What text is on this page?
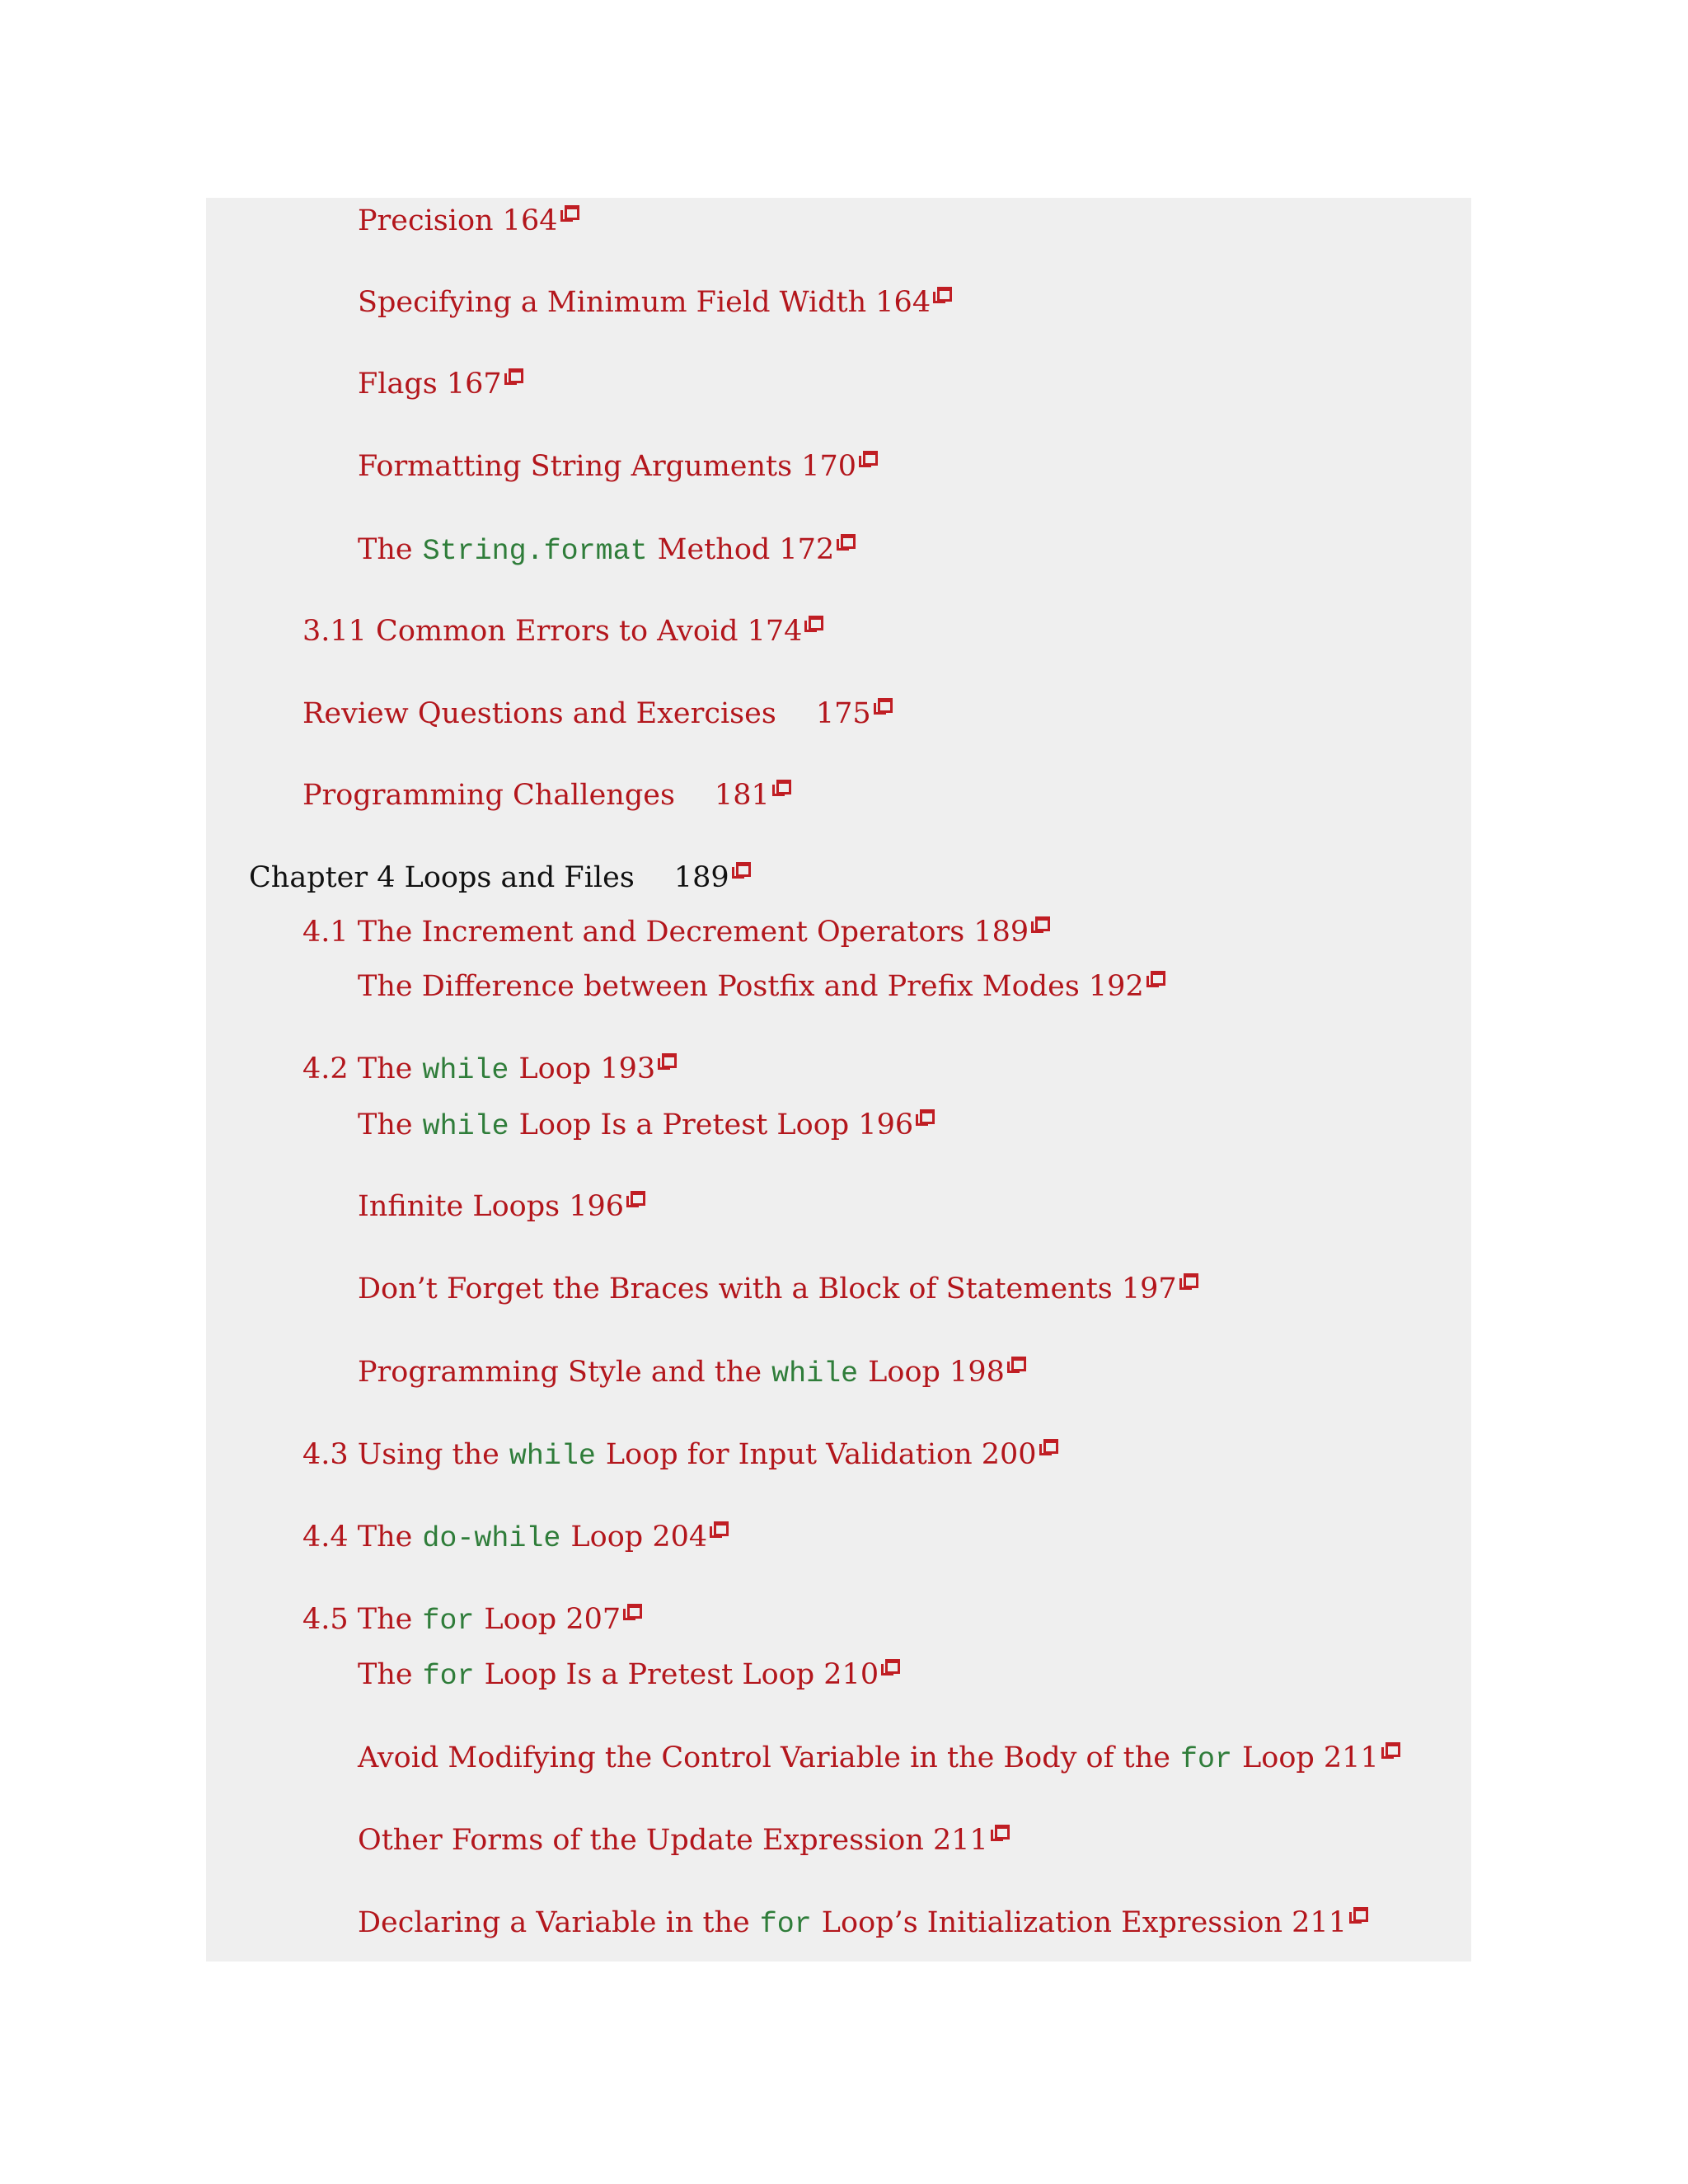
Precision 164
Specifying a Minimum Field Width 164
Flags 167
Formatting String Arguments 170
The String.format Method 172
3.11 Common Errors to Avoid 174
Review Questions and Exercises 175
Programming Challenges 181
Chapter 4 Loops and Files 189
4.1 The Increment and Decrement Operators 189
The Difference between Postfix and Prefix Modes 192
4.2 The while Loop 193
The while Loop Is a Pretest Loop 196
Infinite Loops 196
Don’t Forget the Braces with a Block of Statements 197
Programming Style and the while Loop 198
4.3 Using the while Loop for Input Validation 200
4.4 The do-while Loop 204
4.5 The for Loop 207
The for Loop Is a Pretest Loop 210
Avoid Modifying the Control Variable in the Body of the for Loop 211
Other Forms of the Update Expression 211
Declaring a Variable in the for Loop’s Initialization Expression 211
